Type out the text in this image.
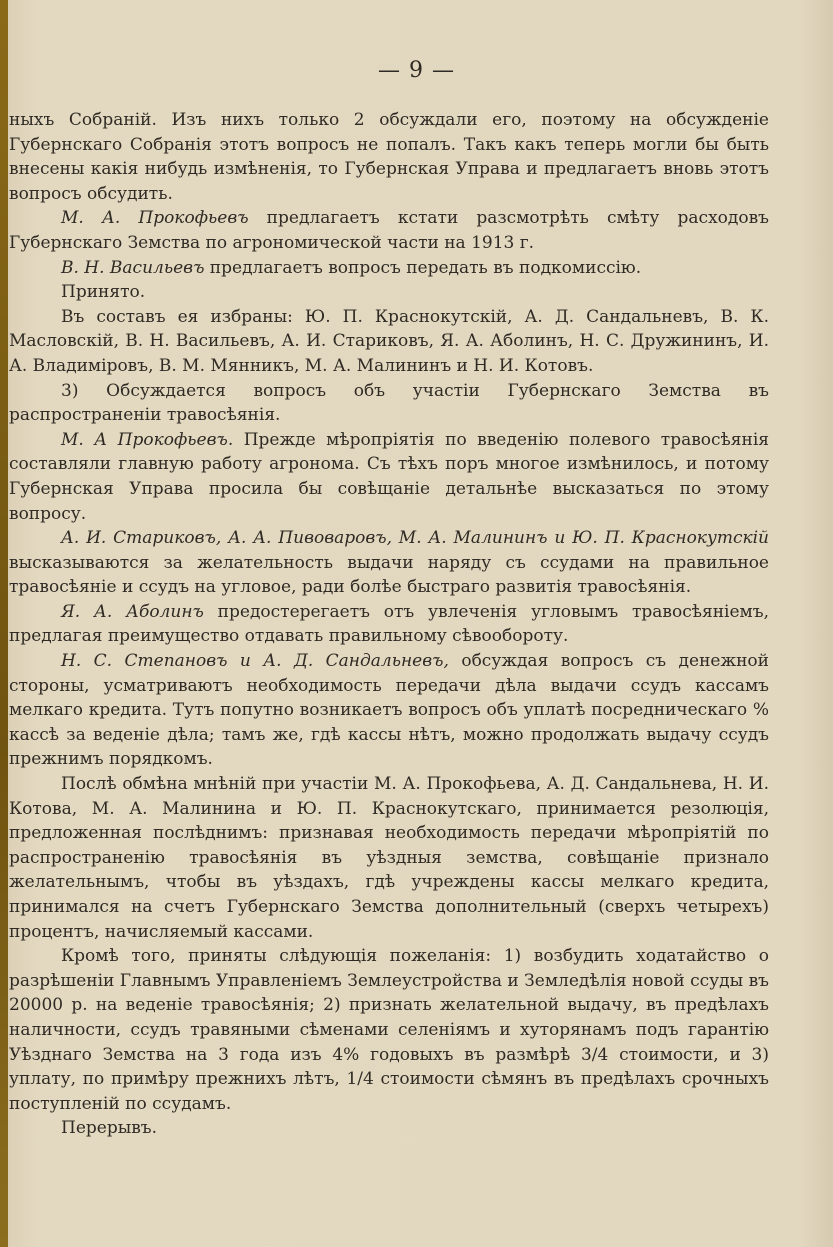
— 9 —

ныхъ Собраній. Изъ нихъ только 2 обсуждали его, поэтому на обсужденіе Губернскаго Собранія этотъ вопросъ не попалъ. Такъ какъ теперь могли бы быть внесены какія нибудь измѣненія, то Губернская Управа и предлагаетъ вновь этотъ вопросъ обсудить.

М. А. Прокофьевъ предлагаетъ кстати разсмотрѣть смѣту расходовъ Губернскаго Земства по агрономической части на 1913 г.

В. Н. Васильевъ предлагаетъ вопросъ передать въ подкомиссію.

Принято.

Въ составъ ея избраны: Ю. П. Краснокутскій, А. Д. Сандальневъ, В. К. Масловскій, В. Н. Васильевъ, А. И. Стариковъ, Я. А. Аболинъ, Н. С. Дружининъ, И. А. Владиміровъ, В. М. Мянникъ, М. А. Малининъ и Н. И. Котовъ.

3) Обсуждается вопросъ объ участіи Губернскаго Земства въ распространеніи травосѣянія.

М. А Прокофьевъ. Прежде мѣропріятія по введенію полевого травосѣянія составляли главную работу агронома. Съ тѣхъ поръ многое измѣнилось, и потому Губернская Управа просила бы совѣщаніе детальнѣе высказаться по этому вопросу.

А. И. Стариковъ, А. А. Пивоваровъ, М. А. Малининъ и Ю. П. Краснокутскій высказываются за желательность выдачи наряду съ ссудами на правильное травосѣяніе и ссудъ на угловое, ради болѣе быстраго развитія травосѣянія.

Я. А. Аболинъ предостерегаетъ отъ увлеченія угловымъ травосѣяніемъ, предлагая преимущество отдавать правильному сѣвообороту.

Н. С. Степановъ и А. Д. Сандальневъ, обсуждая вопросъ съ денежной стороны, усматриваютъ необходимость передачи дѣла выдачи ссудъ кассамъ мелкаго кредита. Тутъ попутно возникаетъ вопросъ объ уплатѣ посредническаго % кассѣ за веденіе дѣла; тамъ же, гдѣ кассы нѣтъ, можно продолжать выдачу ссудъ прежнимъ порядкомъ.

Послѣ обмѣна мнѣній при участіи М. А. Прокофьева, А. Д. Сандальнева, Н. И. Котова, М. А. Малинина и Ю. П. Краснокутскаго, принимается резолюція, предложенная послѣднимъ: признавая необходимость передачи мѣропріятій по распространенію травосѣянія въ уѣздныя земства, совѣщаніе признало желательнымъ, чтобы въ уѣздахъ, гдѣ учреждены кассы мелкаго кредита, принимался на счетъ Губернскаго Земства дополнительный (сверхъ четырехъ) процентъ, начисляемый кассами.

Кромѣ того, приняты слѣдующія пожеланія: 1) возбудить ходатайство о разрѣшеніи Главнымъ Управленіемъ Землеустройства и Земледѣлія новой ссуды въ 20000 р. на веденіе травосѣянія; 2) признать желательной выдачу, въ предѣлахъ наличности, ссудъ травяными сѣменами селеніямъ и хуторянамъ подъ гарантію Уѣзднаго Земства на 3 года изъ 4% годовыхъ въ размѣрѣ 3/4 стоимости, и 3) уплату, по примѣру прежнихъ лѣтъ, 1/4 стоимости сѣмянъ въ предѣлахъ срочныхъ поступленій по ссудамъ.

Перерывъ.
